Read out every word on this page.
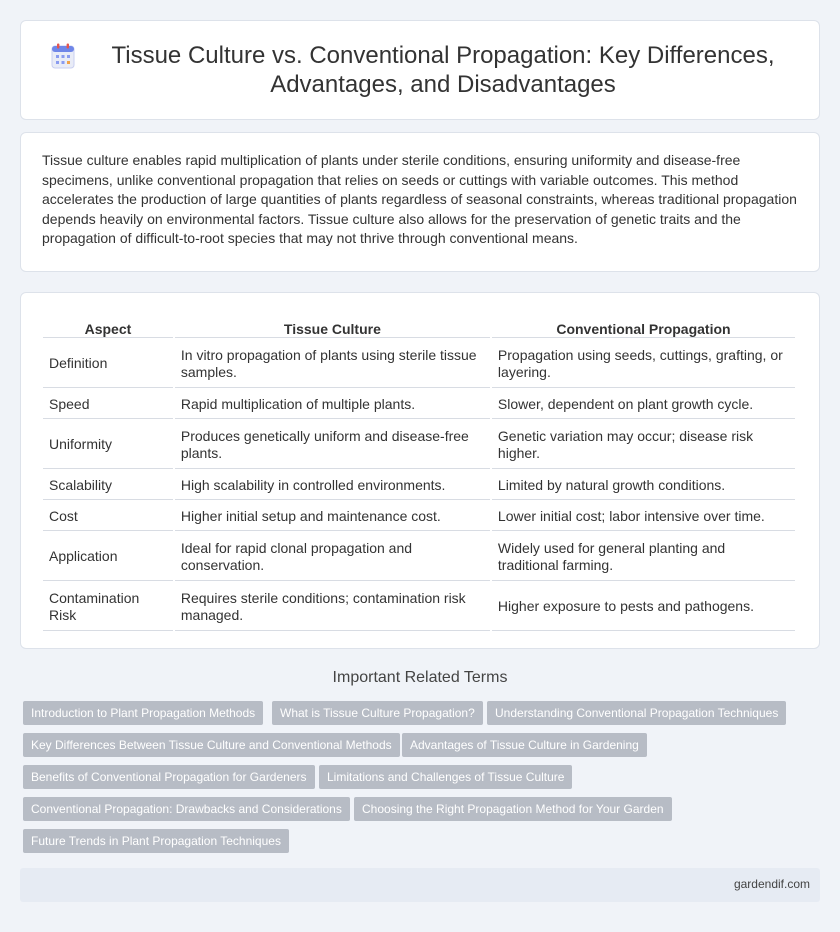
Tissue Culture vs. Conventional Propagation: Key Differences, Advantages, and Disadvantages

Tissue culture enables rapid multiplication of plants under sterile conditions, ensuring uniformity and disease-free specimens, unlike conventional propagation that relies on seeds or cuttings with variable outcomes. This method accelerates the production of large quantities of plants regardless of seasonal constraints, whereas traditional propagation depends heavily on environmental factors. Tissue culture also allows for the preservation of genetic traits and the propagation of difficult-to-root species that may not thrive through conventional means.

Aspect	Tissue Culture	Conventional Propagation
Definition	In vitro propagation of plants using sterile tissue samples.	Propagation using seeds, cuttings, grafting, or layering.
Speed	Rapid multiplication of multiple plants.	Slower, dependent on plant growth cycle.
Uniformity	Produces genetically uniform and disease-free plants.	Genetic variation may occur; disease risk higher.
Scalability	High scalability in controlled environments.	Limited by natural growth conditions.
Cost	Higher initial setup and maintenance cost.	Lower initial cost; labor intensive over time.
Application	Ideal for rapid clonal propagation and conservation.	Widely used for general planting and traditional farming.
Contamination Risk	Requires sterile conditions; contamination risk managed.	Higher exposure to pests and pathogens.
Important Related Terms
Introduction to Plant Propagation Methods	What is Tissue Culture Propagation?	Understanding Conventional Propagation Techniques
Key Differences Between Tissue Culture and Conventional Methods	Advantages of Tissue Culture in Gardening
Benefits of Conventional Propagation for Gardeners	Limitations and Challenges of Tissue Culture
Conventional Propagation: Drawbacks and Considerations	Choosing the Right Propagation Method for Your Garden
Future Trends in Plant Propagation Techniques
gardendif.com
